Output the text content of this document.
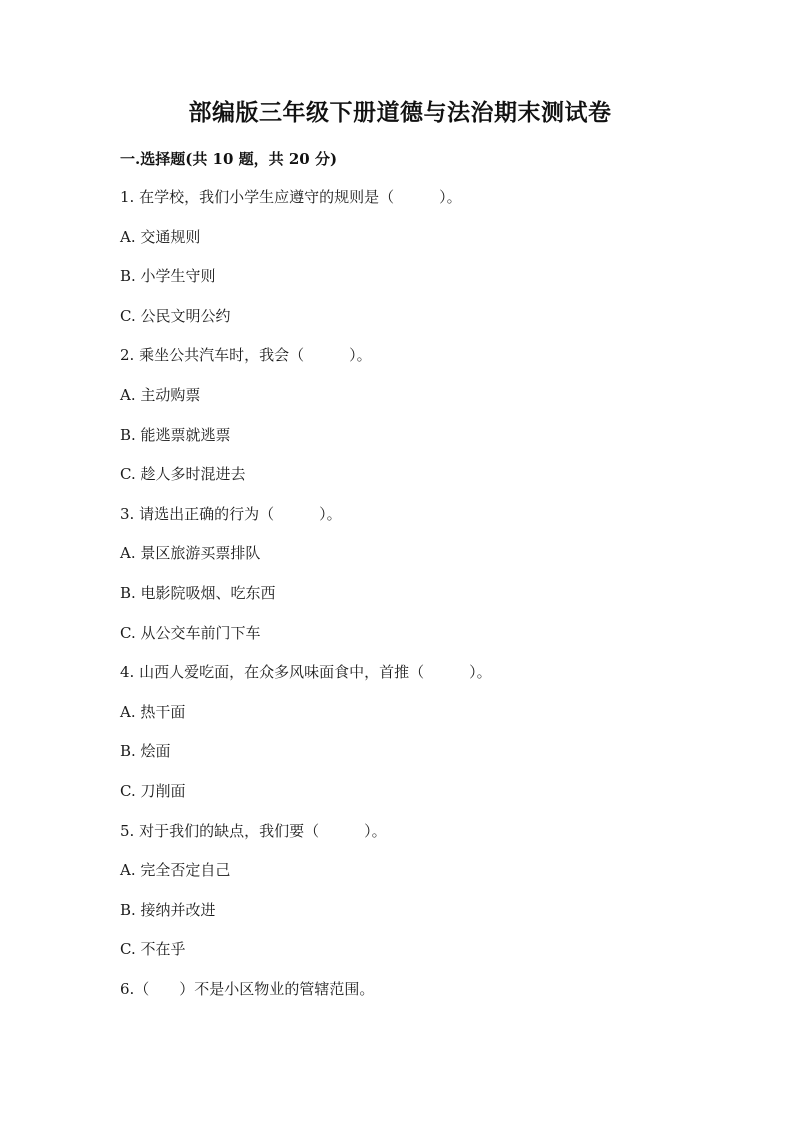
部编版三年级下册道德与法治期末测试卷
一.选择题(共 10 题，共 20 分)
1. 在学校，我们小学生应遵守的规则是（　　　）。
A. 交通规则
B. 小学生守则
C. 公民文明公约
2. 乘坐公共汽车时，我会（　　　）。
A. 主动购票
B. 能逃票就逃票
C. 趁人多时混进去
3. 请选出正确的行为（　　　）。
A. 景区旅游买票排队
B. 电影院吸烟、吃东西
C. 从公交车前门下车
4. 山西人爱吃面，在众多风味面食中，首推（　　　）。
A. 热干面
B. 烩面
C. 刀削面
5. 对于我们的缺点，我们要（　　　）。
A. 完全否定自己
B. 接纳并改进
C. 不在乎
6.（　　）不是小区物业的管辖范围。
